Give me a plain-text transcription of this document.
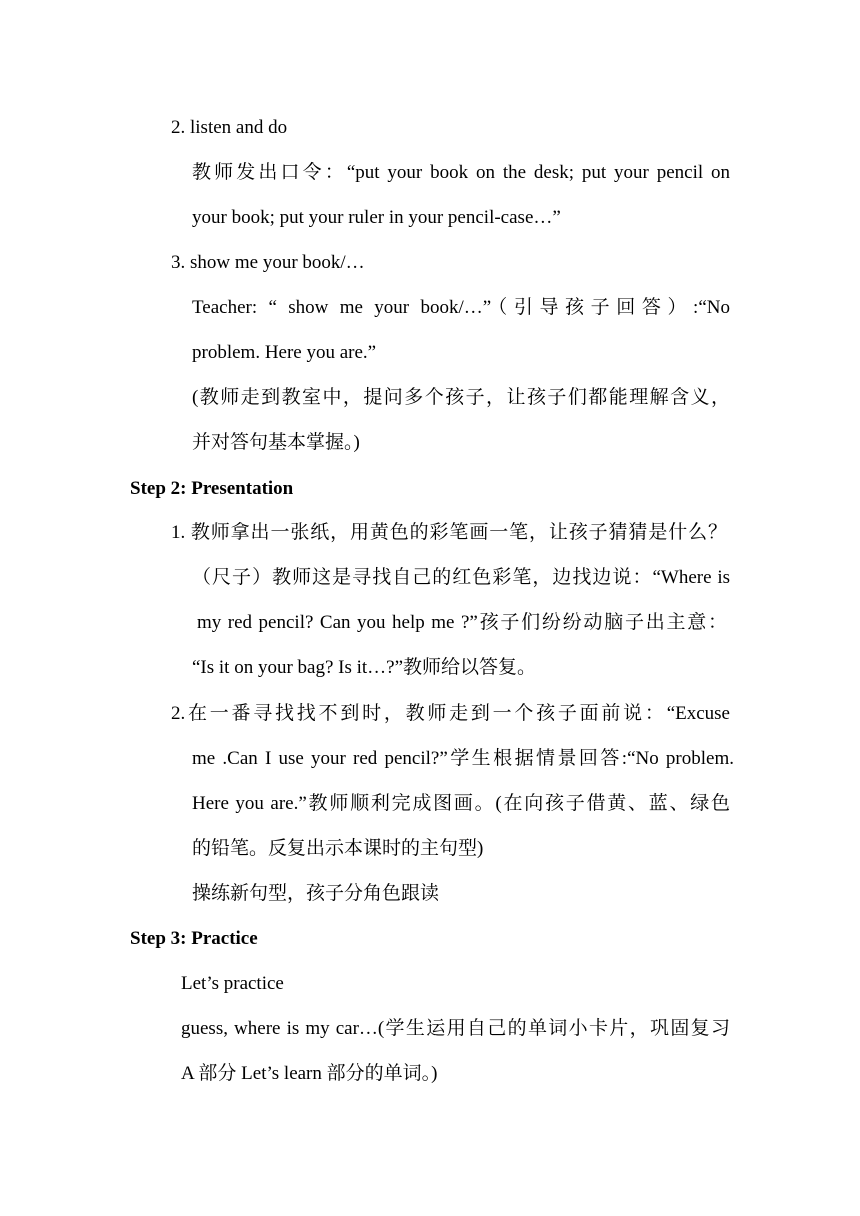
2. listen and do
教师发出口令：“put your book on the desk; put your pencil on
your book; put your ruler in your pencil-case…”
3. show me your book/…
Teacher: “ show me your book/…”（引导孩子回答）:“No
problem. Here you are.”
(教师走到教室中，提问多个孩子，让孩子们都能理解含义，
并对答句基本掌握。)
Step 2: Presentation
1. 教师拿出一张纸，用黄色的彩笔画一笔，让孩子猜猜是什么？
（尺子）教师这是寻找自己的红色彩笔，边找边说：“Where is
my red pencil? Can you help me ?”孩子们纷纷动脑子出主意：
“Is it on your bag? Is it…?”教师给以答复。
2.在一番寻找找不到时，教师走到一个孩子面前说：“Excuse
me .Can I use your red pencil?”学生根据情景回答:“No problem.
Here you are.”教师顺利完成图画。(在向孩子借黄、蓝、绿色
的铅笔。反复出示本课时的主句型)
操练新句型，孩子分角色跟读
Step 3: Practice
Let’s practice
guess, where is my car…(学生运用自己的单词小卡片，巩固复习
A 部分 Let’s learn 部分的单词。)
